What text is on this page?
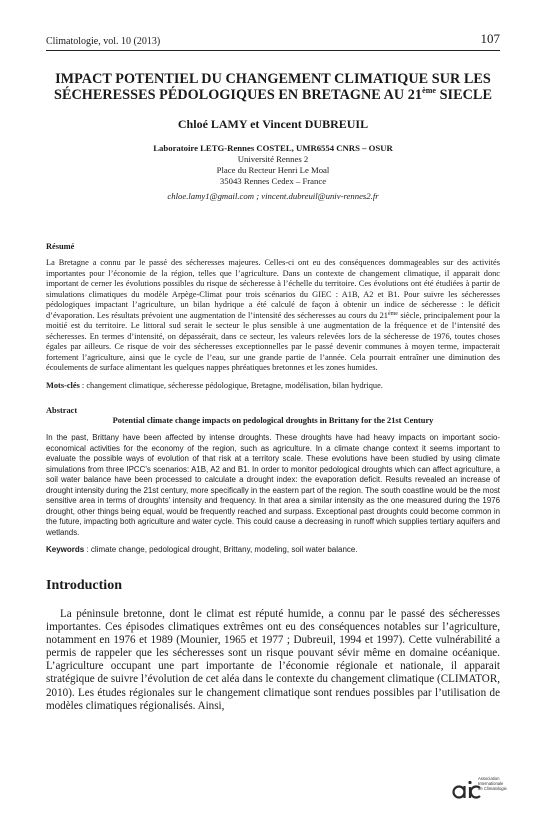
Climatologie, vol. 10 (2013)	107
IMPACT POTENTIEL DU CHANGEMENT CLIMATIQUE SUR LES
SÉCHERESSES PÉDOLOGIQUES EN BRETAGNE AU 21ème SIECLE
Chloé LAMY et Vincent DUBREUIL
Laboratoire LETG-Rennes COSTEL, UMR6554 CNRS – OSUR
Université Rennes 2
Place du Recteur Henri Le Moal
35043 Rennes Cedex – France
chloe.lamy1@gmail.com ; vincent.dubreuil@univ-rennes2.fr
Résumé
La Bretagne a connu par le passé des sécheresses majeures. Celles-ci ont eu des conséquences dommageables sur des activités importantes pour l’économie de la région, telles que l’agriculture. Dans un contexte de changement climatique, il apparait donc important de cerner les évolutions possibles du risque de sécheresse à l’échelle du territoire. Ces évolutions ont été étudiées à partir de simulations climatiques du modèle Arpège-Climat pour trois scénarios du GIEC : A1B, A2 et B1. Pour suivre les sécheresses pédologiques impactant l’agriculture, un bilan hydrique a été calculé de façon à obtenir un indice de sécheresse : le déficit d’évaporation. Les résultats prévoient une augmentation de l’intensité des sécheresses au cours du 21ème siècle, principalement pour la moitié est du territoire. Le littoral sud serait le secteur le plus sensible à une augmentation de la fréquence et de l’intensité des sécheresses. En termes d’intensité, on dépassérait, dans ce secteur, les valeurs relevées lors de la sécheresse de 1976, toutes choses égales par ailleurs. Ce risque de voir des sécheresses exceptionnelles par le passé devenir communes à moyen terme, impacterait fortement l’agriculture, ainsi que le cycle de l’eau, sur une grande partie de l’année. Cela pourrait entraîner une diminution des écoulements de surface alimentant les quelques nappes phréatiques bretonnes et les zones humides.
Mots-clés : changement climatique, sécheresse pédologique, Bretagne, modélisation, bilan hydrique.
Abstract
Potential climate change impacts on pedological droughts in Brittany for the 21st Century
In the past, Brittany have been affected by intense droughts. These droughts have had heavy impacts on important socio-economical activities for the economy of the region, such as agriculture. In a climate change context it seems important to evaluate the possible ways of evolution of that risk at a territory scale. These evolutions have been studied by using climate simulations from three IPCC’s scenarios: A1B, A2 and B1. In order to monitor pedological droughts which can affect agriculture, a soil water balance have been processed to calculate a drought index: the evaporation deficit. Results revealed an increase of drought intensity during the 21st century, more specifically in the eastern part of the region. The south coastline would be the most sensitive area in terms of droughts’ intensity and frequency. In that area a similar intensity as the one measured during the 1976 drought, other things being equal, would be frequently reached and surpass. Exceptional past droughts could become common in the future, impacting both agriculture and water cycle. This could cause a decreasing in runoff which supplies tertiary aquifers and wetlands.
Keywords : climate change, pedological drought, Brittany, modeling, soil water balance.
Introduction
La péninsule bretonne, dont le climat est réputé humide, a connu par le passé des sécheresses importantes. Ces épisodes climatiques extrêmes ont eu des conséquences notables sur l’agriculture, notamment en 1976 et 1989 (Mounier, 1965 et 1977 ; Dubreuil, 1994 et 1997). Cette vulnérabilité a permis de rappeler que les sécheresses sont un risque pouvant sévir même en domaine océanique. L’agriculture occupant une part importante de l’économie régionale et nationale, il apparait stratégique de suivre l’évolution de cet aléa dans le contexte du changement climatique (CLIMATOR, 2010). Les études régionales sur le changement climatique sont rendues possibles par l’utilisation de modèles climatiques régionalisés. Ainsi,
Association
Internationale
de Climatologie
